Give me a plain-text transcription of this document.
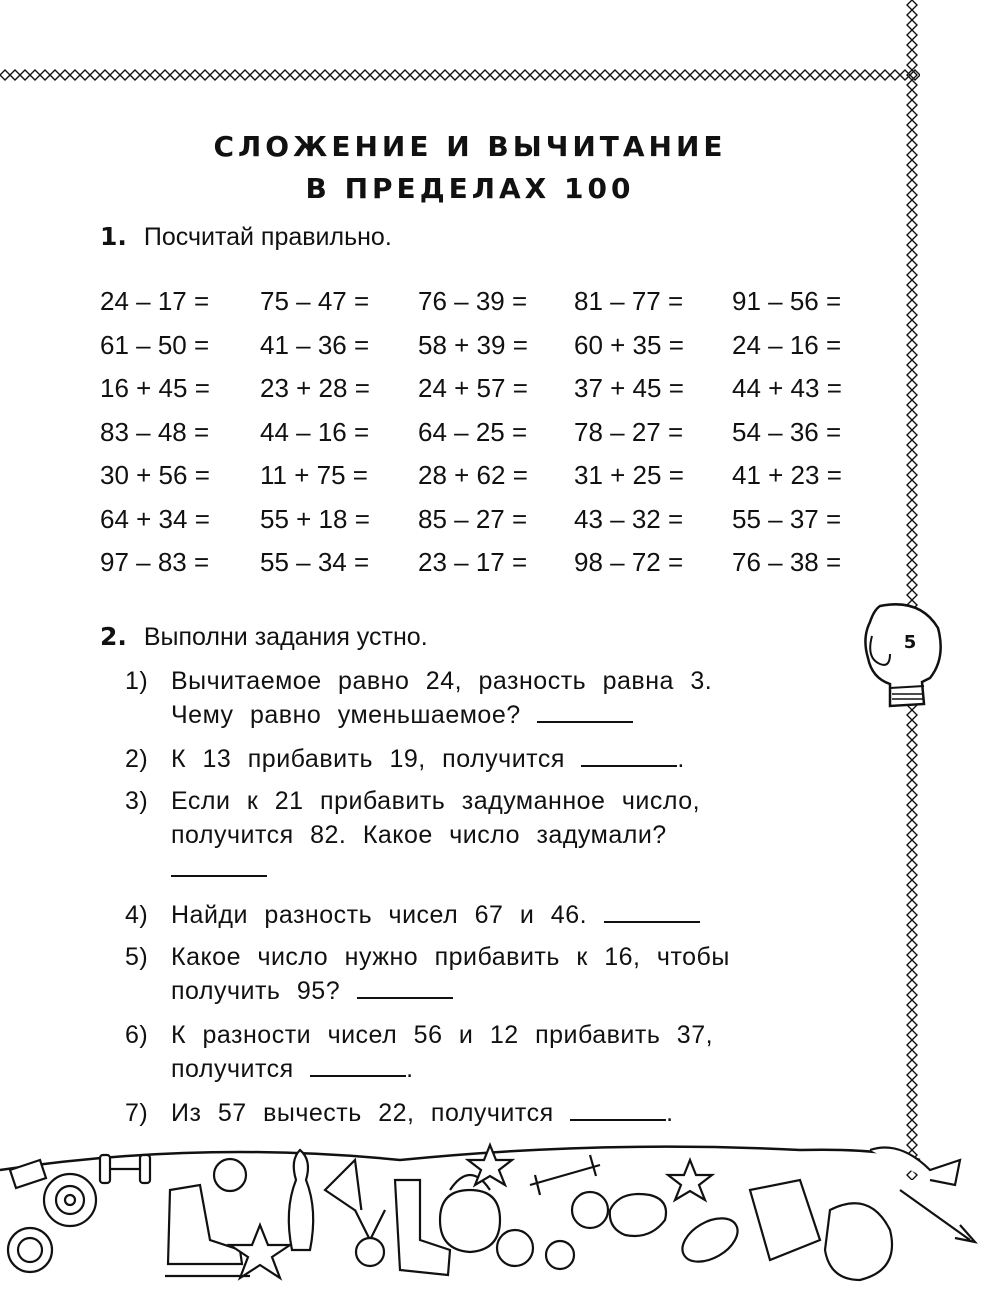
СЛОЖЕНИЕ И ВЫЧИТАНИЕ
В ПРЕДЕЛАХ 100
1. Посчитай правильно.
24 – 17 = 75 – 47 = 76 – 39 = 81 – 77 = 91 – 56 =
61 – 50 = 41 – 36 = 58 + 39 = 60 + 35 = 24 – 16 =
16 + 45 = 23 + 28 = 24 + 57 = 37 + 45 = 44 + 43 =
83 – 48 = 44 – 16 = 64 – 25 = 78 – 27 = 54 – 36 =
30 + 56 = 11 + 75 = 28 + 62 = 31 + 25 = 41 + 23 =
64 + 34 = 55 + 18 = 85 – 27 = 43 – 32 = 55 – 37 =
97 – 83 = 55 – 34 = 23 – 17 = 98 – 72 = 76 – 38 =
2. Выполни задания устно.
1) Вычитаемое равно 24, разность равна 3.
Чему равно уменьшаемое?
2) К 13 прибавить 19, получится	.
3) Если к 21 прибавить задуманное число,
получится 82. Какое число задумали?
4) Найди разность чисел 67 и 46.
5) Какое число нужно прибавить к 16, чтобы
получить 95?
6) К разности чисел 56 и 12 прибавить 37,
получится	.
7) Из 57 вычесть 22, получится	.
5
